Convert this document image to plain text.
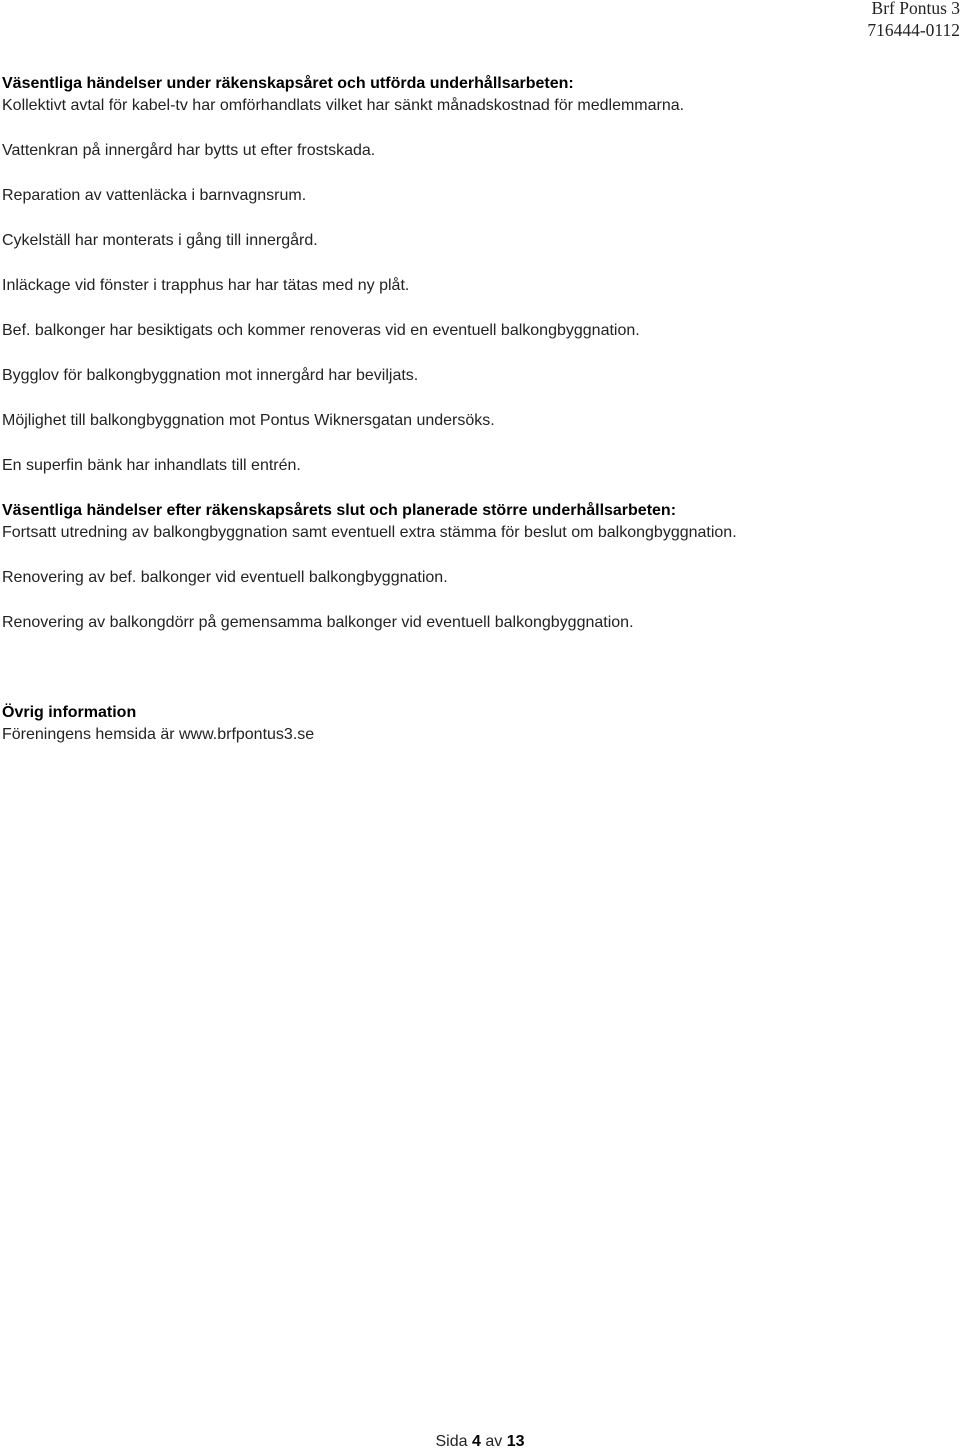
Brf Pontus 3
716444-0112

Väsentliga händelser under räkenskapsåret och utförda underhållsarbeten:

Kollektivt avtal för kabel-tv har omförhandlats vilket har sänkt månadskostnad för medlemmarna.

Vattenkran på innergård har bytts ut efter frostskada.

Reparation av vattenläcka i barnvagnsrum.

Cykelställ har monterats i gång till innergård.

Inläckage vid fönster i trapphus har har tätas med ny plåt.

Bef. balkonger har besiktigats och kommer renoveras vid en eventuell balkongbyggnation.

Bygglov för balkongbyggnation mot innergård har beviljats.

Möjlighet till balkongbyggnation mot Pontus Wiknersgatan undersöks.

En superfin bänk har inhandlats till entrén.

Väsentliga händelser efter räkenskapsårets slut och planerade större underhållsarbeten:

Fortsatt utredning av balkongbyggnation samt eventuell extra stämma för beslut om balkongbyggnation.

Renovering av bef. balkonger vid eventuell balkongbyggnation.

Renovering av balkongdörr på gemensamma balkonger vid eventuell balkongbyggnation.

Övrig information

Föreningens hemsida är www.brfpontus3.se

Sida 4 av 13
